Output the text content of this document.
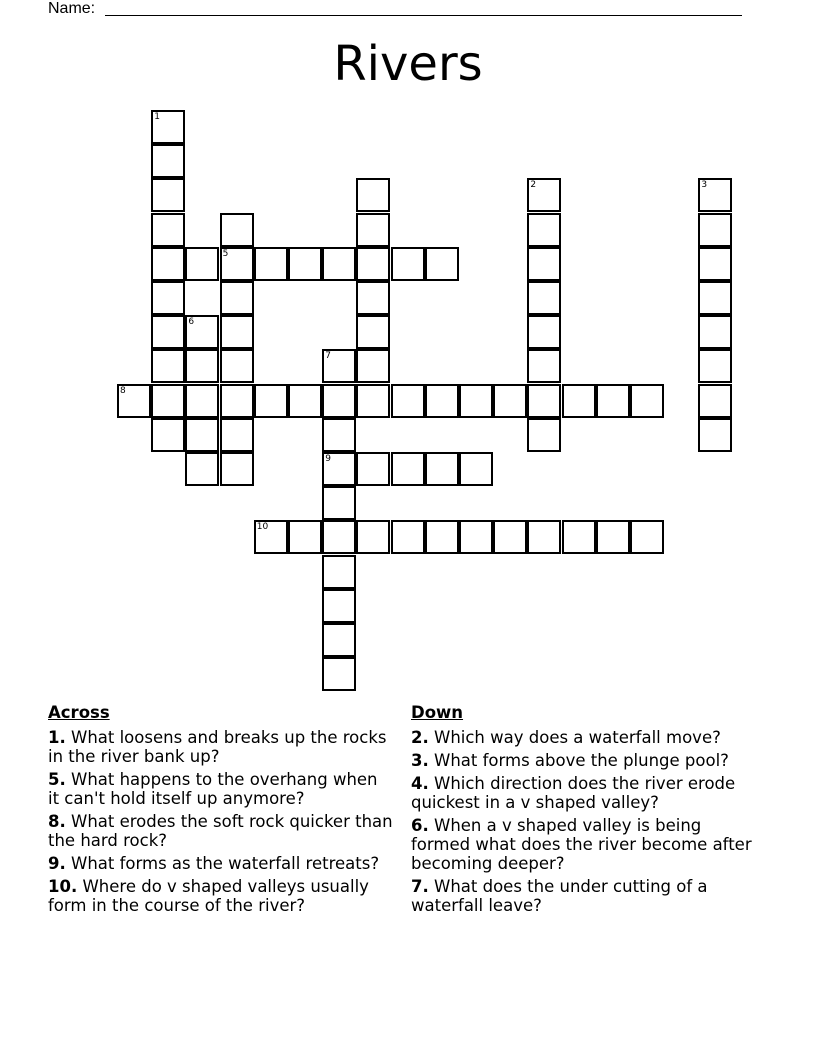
Name:
Rivers
1
2
5
6
8
7
9
10
3
Across
1. What loosens and breaks up the rocks in the river bank up?
5. What happens to the overhang when it can't hold itself up anymore?
8. What erodes the soft rock quicker than the hard rock?
9. What forms as the waterfall retreats?
10. Where do v shaped valleys usually form in the course of the river?
Down
2. Which way does a waterfall move?
3. What forms above the plunge pool?
4. Which direction does the river erode quickest in a v shaped valley?
6. When a v shaped valley is being formed what does the river become after becoming deeper?
7. What does the under cutting of a waterfall leave?
